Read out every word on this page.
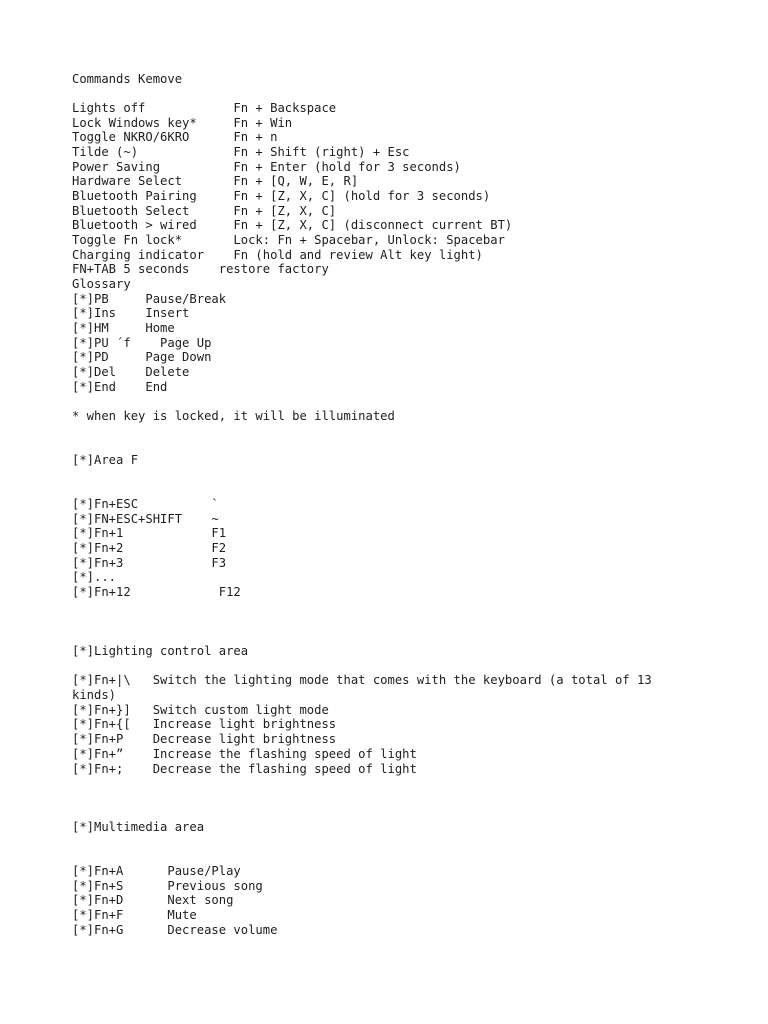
Commands Kemove
Lights off            Fn + Backspace
Lock Windows key*     Fn + Win
Toggle NKRO/6KRO      Fn + n
Tilde (~)             Fn + Shift (right) + Esc
Power Saving          Fn + Enter (hold for 3 seconds)
Hardware Select       Fn + [Q, W, E, R]
Bluetooth Pairing     Fn + [Z, X, C] (hold for 3 seconds)
Bluetooth Select      Fn + [Z, X, C]
Bluetooth > wired     Fn + [Z, X, C] (disconnect current BT)
Toggle Fn lock*       Lock: Fn + Spacebar, Unlock: Spacebar
Charging indicator    Fn (hold and review Alt key light)
FN+TAB 5 seconds    restore factory
Glossary
[*]PB     Pause/Break
[*]Ins    Insert
[*]HM     Home
[*]PU ´f    Page Up
[*]PD     Page Down
[*]Del    Delete
[*]End    End
* when key is locked, it will be illuminated
[*]Area F
[*]Fn+ESC          `
[*]FN+ESC+SHIFT    ~
[*]Fn+1            F1
[*]Fn+2            F2
[*]Fn+3            F3
[*]...
[*]Fn+12            F12
[*]Lighting control area
[*]Fn+|\   Switch the lighting mode that comes with the keyboard (a total of 13 kinds)
[*]Fn+}]   Switch custom light mode
[*]Fn+{[   Increase light brightness
[*]Fn+P    Decrease light brightness
[*]Fn+”    Increase the flashing speed of light
[*]Fn+;    Decrease the flashing speed of light
[*]Multimedia area
[*]Fn+A      Pause/Play
[*]Fn+S      Previous song
[*]Fn+D      Next song
[*]Fn+F      Mute
[*]Fn+G      Decrease volume
